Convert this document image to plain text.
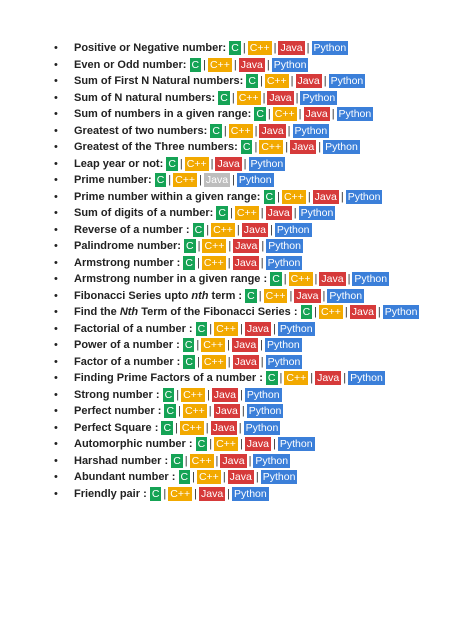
• Positive or Negative number: C | C++ | Java | Python
• Even or Odd number: C | C++ | Java | Python
• Sum of First N Natural numbers: C | C++ | Java | Python
• Sum of N natural numbers: C | C++ | Java | Python
• Sum of numbers in a given range: C | C++ | Java | Python
• Greatest of two numbers: C | C++ | Java | Python
• Greatest of the Three numbers: C | C++ | Java | Python
• Leap year or not: C | C++ | Java | Python
• Prime number: C | C++ | Java | Python
• Prime number within a given range: C | C++ | Java | Python
• Sum of digits of a number: C | C++ | Java | Python
• Reverse of a number : C | C++ | Java | Python
• Palindrome number: C | C++ | Java | Python
• Armstrong number : C | C++ | Java | Python
• Armstrong number in a given range : C | C++ | Java | Python
• Fibonacci Series upto nth term : C | C++ | Java | Python
• Find the Nth Term of the Fibonacci Series : C | C++ | Java | Python
• Factorial of a number : C | C++ | Java | Python
• Power of a number : C | C++ | Java | Python
• Factor of a number : C | C++ | Java | Python
• Finding Prime Factors of a number : C | C++ | Java | Python
• Strong number : C | C++ | Java | Python
• Perfect number : C | C++ | Java | Python
• Perfect Square : C | C++ | Java | Python
• Automorphic number : C | C++ | Java | Python
• Harshad number : C | C++ | Java | Python
• Abundant number : C | C++ | Java | Python
• Friendly pair : C | C++ | Java | Python
